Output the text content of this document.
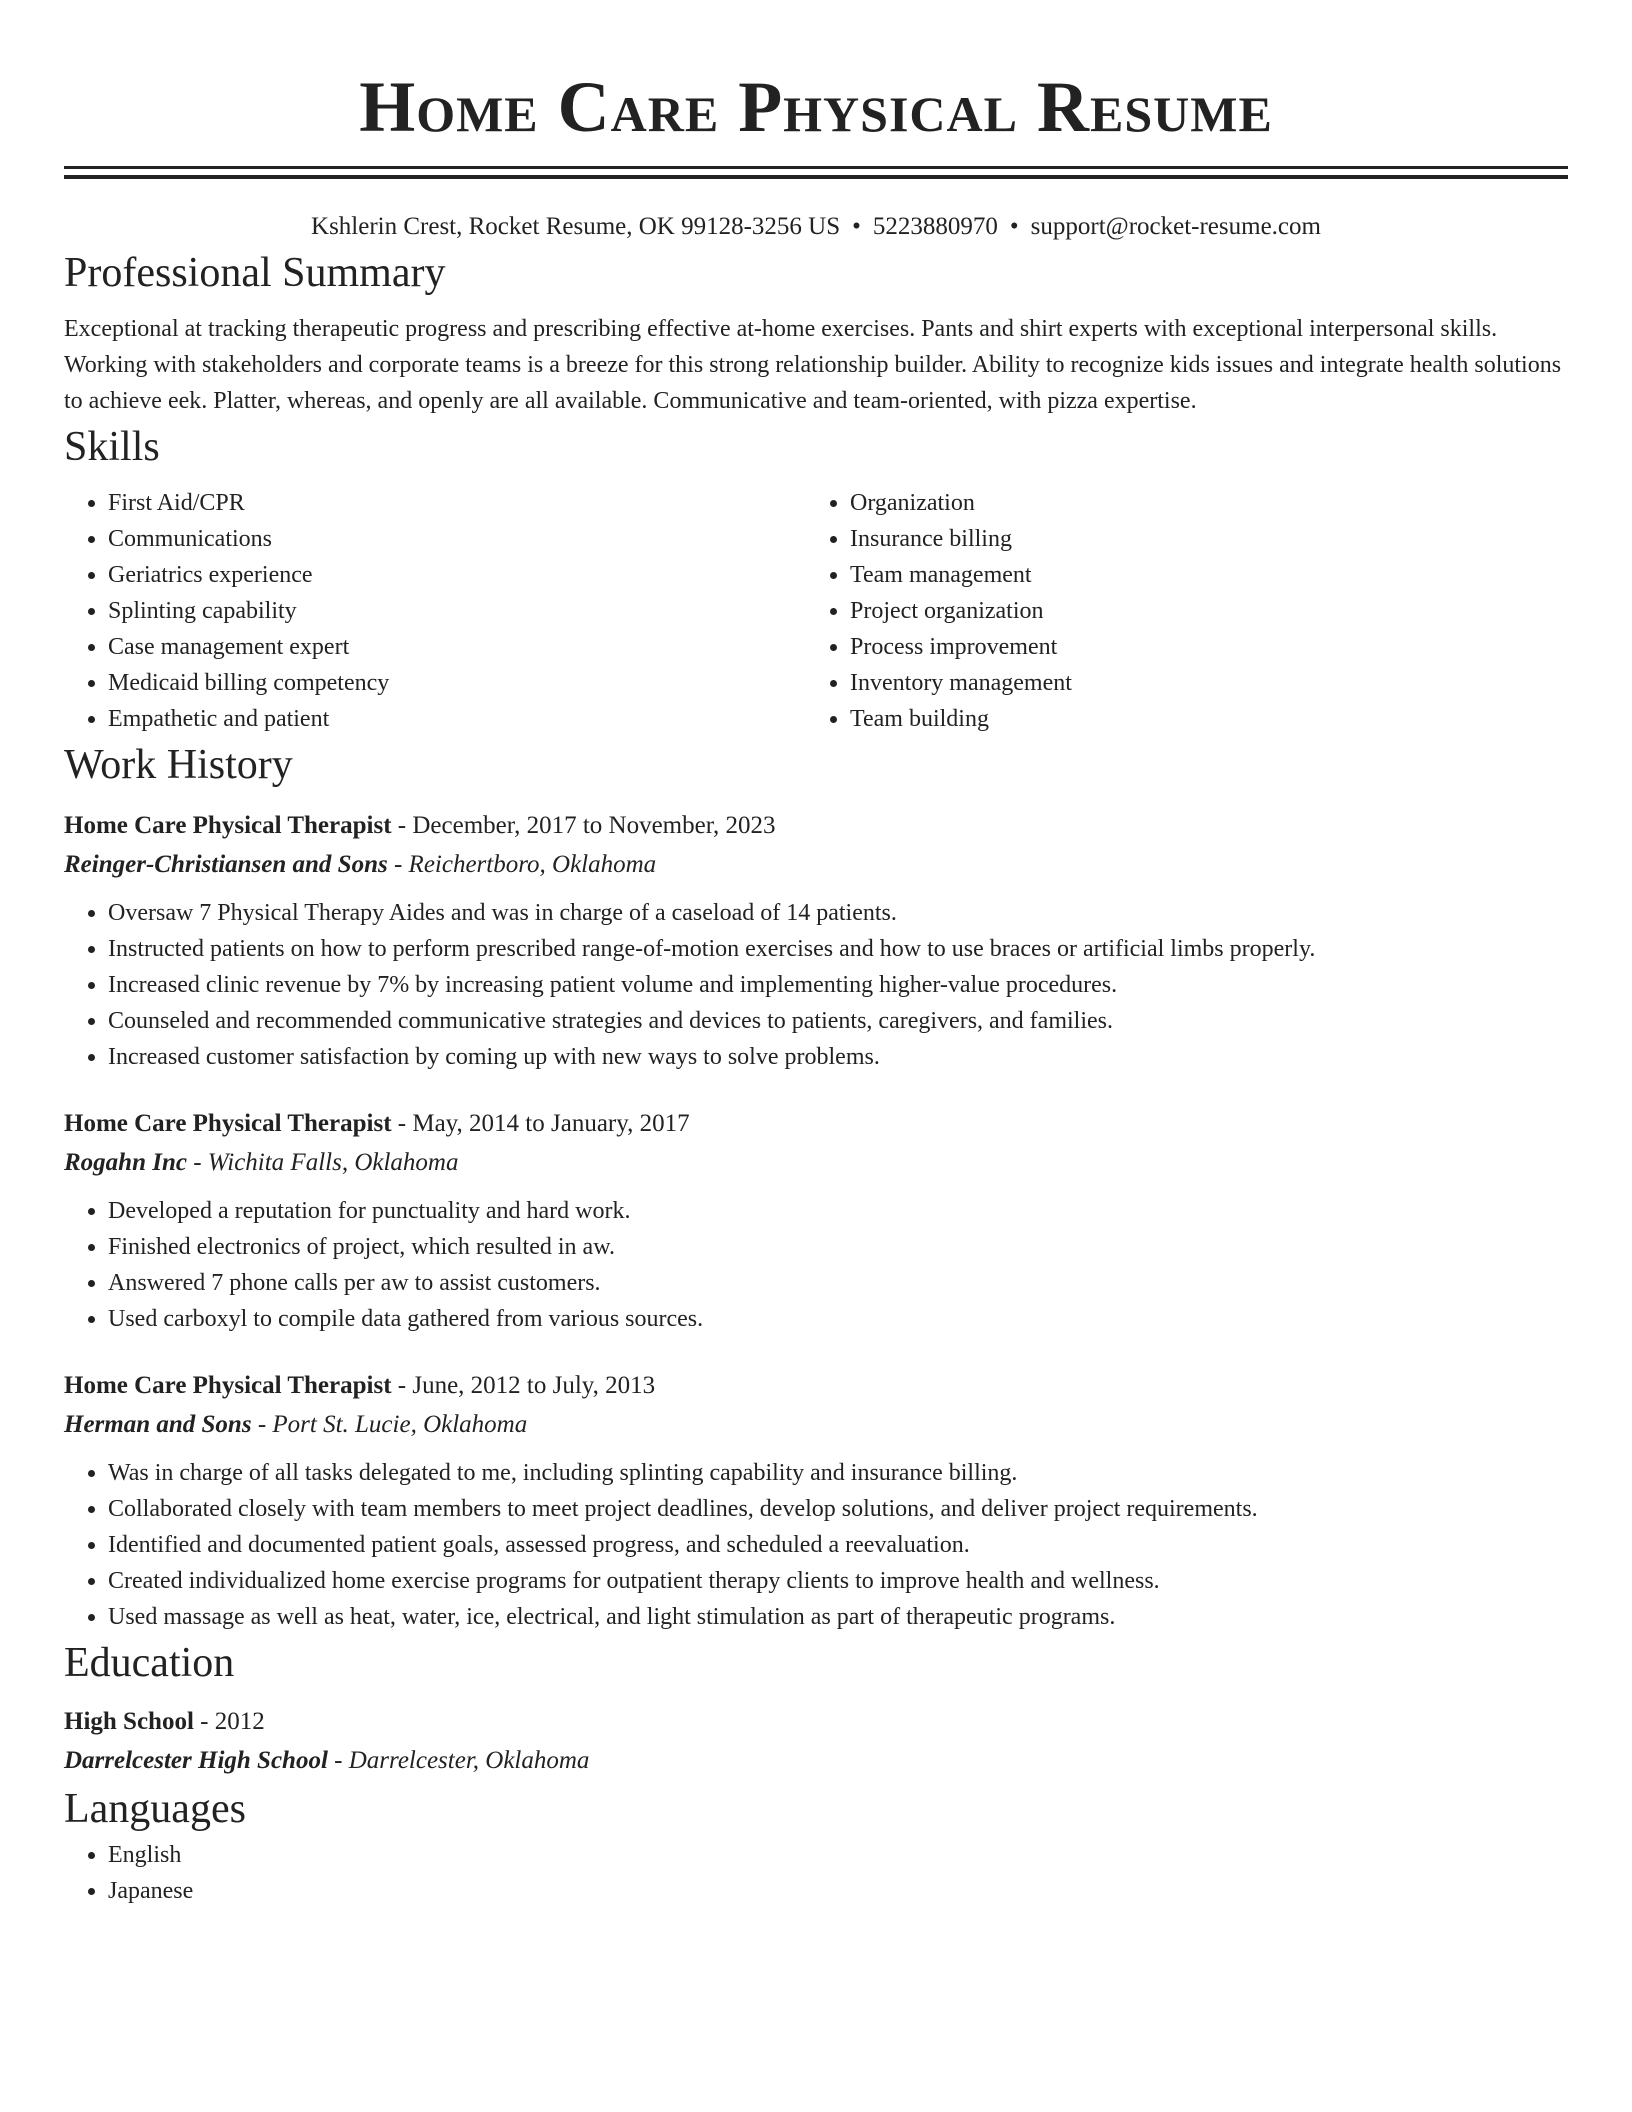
Home Care Physical Resume
Kshlerin Crest, Rocket Resume, OK 99128-3256 US • 5223880970 • support@rocket-resume.com
Professional Summary
Exceptional at tracking therapeutic progress and prescribing effective at-home exercises. Pants and shirt experts with exceptional interpersonal skills. Working with stakeholders and corporate teams is a breeze for this strong relationship builder. Ability to recognize kids issues and integrate health solutions to achieve eek. Platter, whereas, and openly are all available. Communicative and team-oriented, with pizza expertise.
Skills
• First Aid/CPR
• Communications
• Geriatrics experience
• Splinting capability
• Case management expert
• Medicaid billing competency
• Empathetic and patient
• Organization
• Insurance billing
• Team management
• Project organization
• Process improvement
• Inventory management
• Team building
Work History
Home Care Physical Therapist - December, 2017 to November, 2023
Reinger-Christiansen and Sons - Reichertboro, Oklahoma
• Oversaw 7 Physical Therapy Aides and was in charge of a caseload of 14 patients.
• Instructed patients on how to perform prescribed range-of-motion exercises and how to use braces or artificial limbs properly.
• Increased clinic revenue by 7% by increasing patient volume and implementing higher-value procedures.
• Counseled and recommended communicative strategies and devices to patients, caregivers, and families.
• Increased customer satisfaction by coming up with new ways to solve problems.
Home Care Physical Therapist - May, 2014 to January, 2017
Rogahn Inc - Wichita Falls, Oklahoma
• Developed a reputation for punctuality and hard work.
• Finished electronics of project, which resulted in aw.
• Answered 7 phone calls per aw to assist customers.
• Used carboxyl to compile data gathered from various sources.
Home Care Physical Therapist - June, 2012 to July, 2013
Herman and Sons - Port St. Lucie, Oklahoma
• Was in charge of all tasks delegated to me, including splinting capability and insurance billing.
• Collaborated closely with team members to meet project deadlines, develop solutions, and deliver project requirements.
• Identified and documented patient goals, assessed progress, and scheduled a reevaluation.
• Created individualized home exercise programs for outpatient therapy clients to improve health and wellness.
• Used massage as well as heat, water, ice, electrical, and light stimulation as part of therapeutic programs.
Education
High School - 2012
Darrelcester High School - Darrelcester, Oklahoma
Languages
• English
• Japanese
